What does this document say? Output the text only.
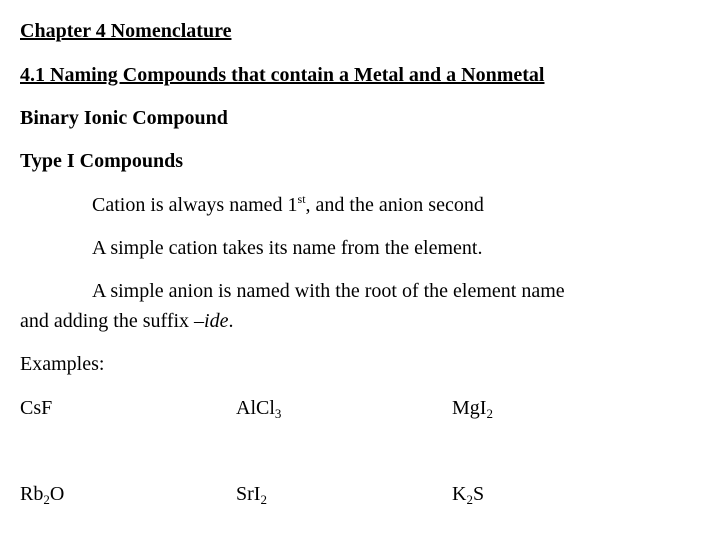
Chapter 4 Nomenclature
4.1 Naming Compounds that contain a Metal and a Nonmetal
Binary Ionic Compound
Type I Compounds
Cation is always named 1st, and the anion second
A simple cation takes its name from the element.
A simple anion is named with the root of the element name
and adding the suffix –ide.
Examples:
CsF	AlCl$_3$	MgI$_2$
$Rb_2O$	SrI$_2$	$K_2S$
